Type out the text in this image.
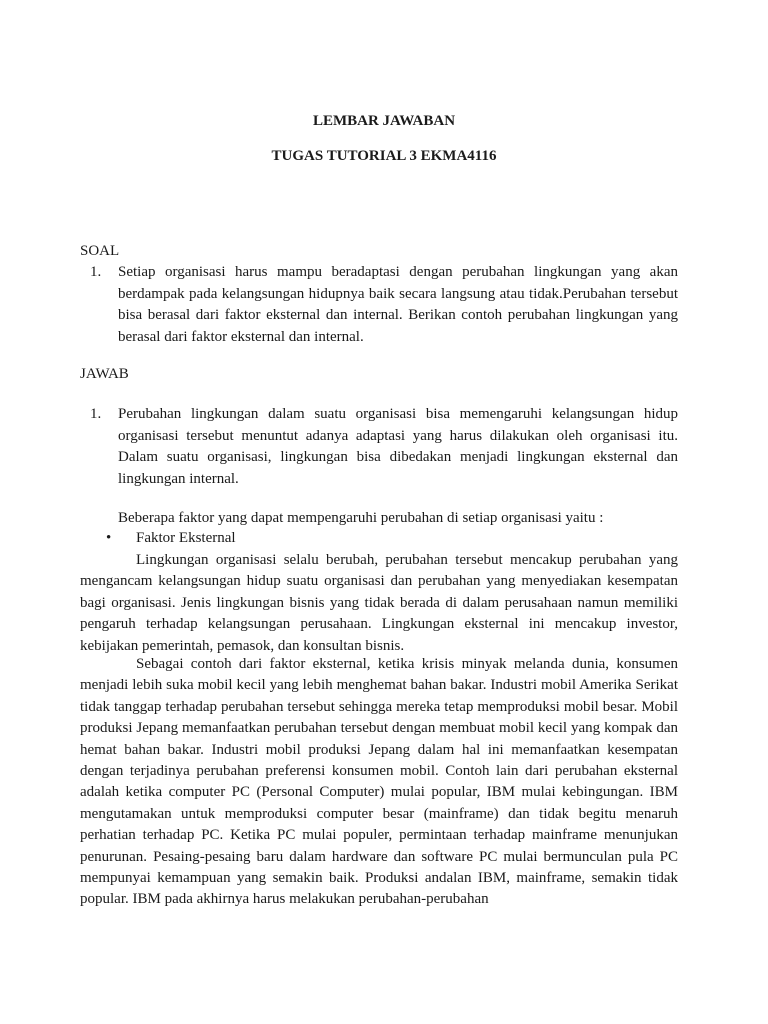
LEMBAR JAWABAN
TUGAS TUTORIAL 3 EKMA4116
SOAL
1. Setiap organisasi harus mampu beradaptasi dengan perubahan lingkungan yang akan berdampak pada kelangsungan hidupnya baik secara langsung atau tidak.Perubahan tersebut bisa berasal dari faktor eksternal dan internal. Berikan contoh perubahan lingkungan yang berasal dari faktor eksternal dan internal.
JAWAB
1. Perubahan lingkungan dalam suatu organisasi bisa memengaruhi kelangsungan hidup organisasi tersebut menuntut adanya adaptasi yang harus dilakukan oleh organisasi itu. Dalam suatu organisasi, lingkungan bisa dibedakan menjadi lingkungan eksternal dan lingkungan internal.
Beberapa faktor yang dapat mempengaruhi perubahan di setiap organisasi yaitu :
• Faktor Eksternal
Lingkungan organisasi selalu berubah, perubahan tersebut mencakup perubahan yang mengancam kelangsungan hidup suatu organisasi dan perubahan yang menyediakan kesempatan bagi organisasi. Jenis lingkungan bisnis yang tidak berada di dalam perusahaan namun memiliki pengaruh terhadap kelangsungan perusahaan. Lingkungan eksternal ini mencakup investor, kebijakan pemerintah, pemasok, dan konsultan bisnis.
Sebagai contoh dari faktor eksternal, ketika krisis minyak melanda dunia, konsumen menjadi lebih suka mobil kecil yang lebih menghemat bahan bakar. Industri mobil Amerika Serikat tidak tanggap terhadap perubahan tersebut sehingga mereka tetap memproduksi mobil besar. Mobil produksi Jepang memanfaatkan perubahan tersebut dengan membuat mobil kecil yang kompak dan hemat bahan bakar. Industri mobil produksi Jepang dalam hal ini memanfaatkan kesempatan dengan terjadinya perubahan preferensi konsumen mobil. Contoh lain dari perubahan eksternal adalah ketika computer PC (Personal Computer) mulai popular, IBM mulai kebingungan. IBM mengutamakan untuk memproduksi computer besar (mainframe) dan tidak begitu menaruh perhatian terhadap PC. Ketika PC mulai populer, permintaan terhadap mainframe menunjukan penurunan. Pesaing-pesaing baru dalam hardware dan software PC mulai bermunculan pula PC mempunyai kemampuan yang semakin baik. Produksi andalan IBM, mainframe, semakin tidak popular. IBM pada akhirnya harus melakukan perubahan-perubahan
